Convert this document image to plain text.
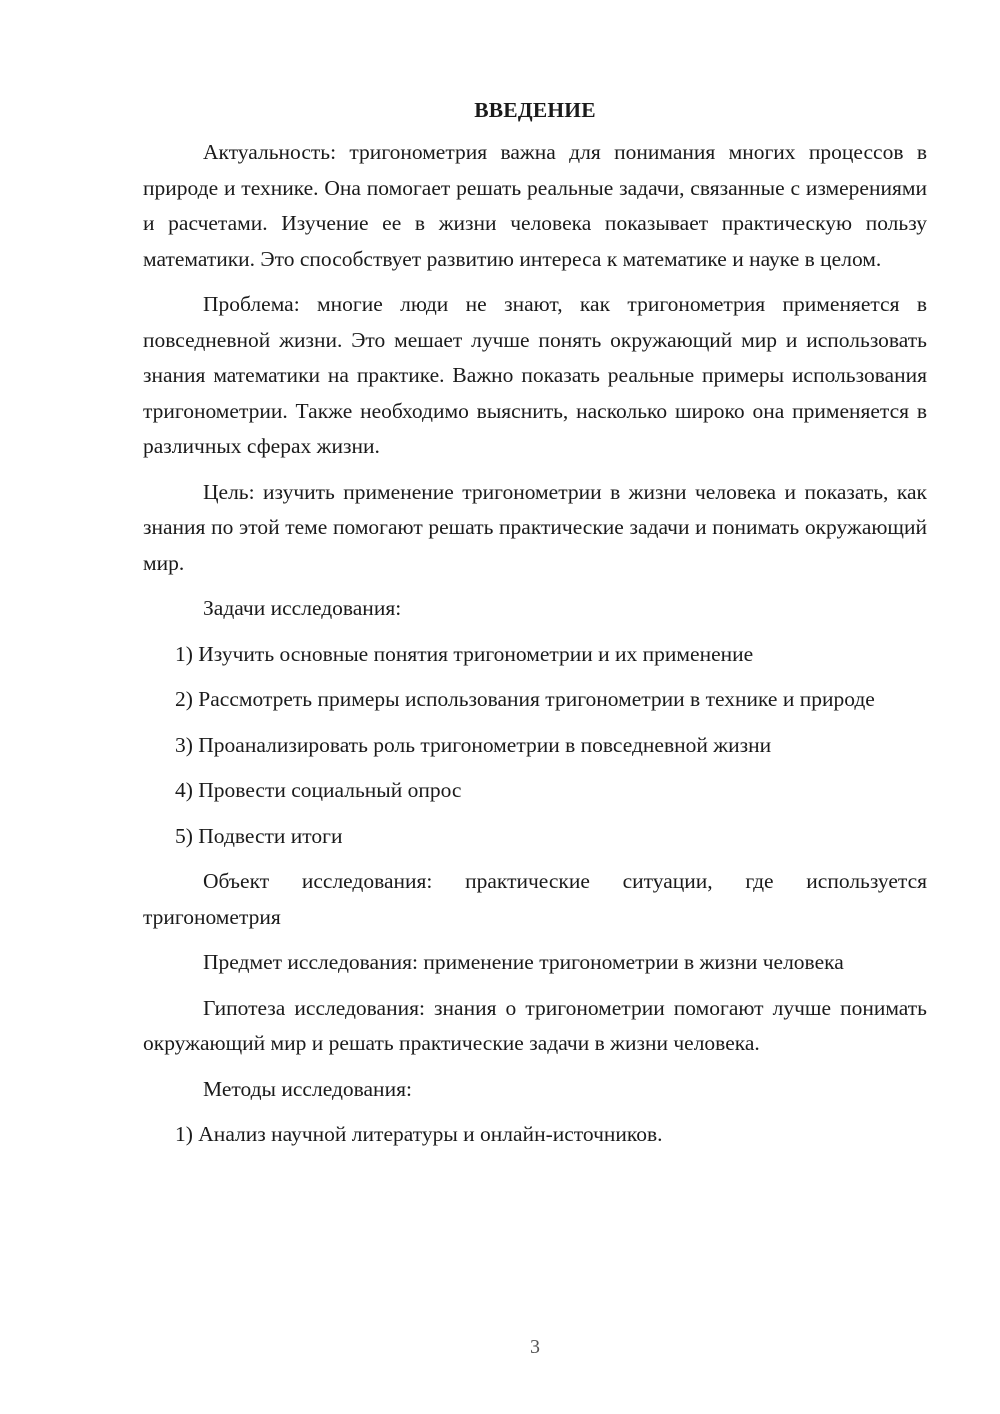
ВВЕДЕНИЕ

Актуальность: тригонометрия важна для понимания многих процессов в природе и технике. Она помогает решать реальные задачи, связанные с измерениями и расчетами. Изучение ее в жизни человека показывает практическую пользу математики. Это способствует развитию интереса к математике и науке в целом.

Проблема: многие люди не знают, как тригонометрия применяется в повседневной жизни. Это мешает лучше понять окружающий мир и использовать знания математики на практике. Важно показать реальные примеры использования тригонометрии. Также необходимо выяснить, насколько широко она применяется в различных сферах жизни.

Цель: изучить применение тригонометрии в жизни человека и показать, как знания по этой теме помогают решать практические задачи и понимать окружающий мир.

Задачи исследования:

1) Изучить основные понятия тригонометрии и их применение

2) Рассмотреть примеры использования тригонометрии в технике и природе

3) Проанализировать роль тригонометрии в повседневной жизни

4) Провести социальный опрос

5) Подвести итоги

Объект исследования: практические ситуации, где используется тригонометрия

Предмет исследования: применение тригонометрии в жизни человека

Гипотеза исследования: знания о тригонометрии помогают лучше понимать окружающий мир и решать практические задачи в жизни человека.

Методы исследования:

1) Анализ научной литературы и онлайн-источников.

3
